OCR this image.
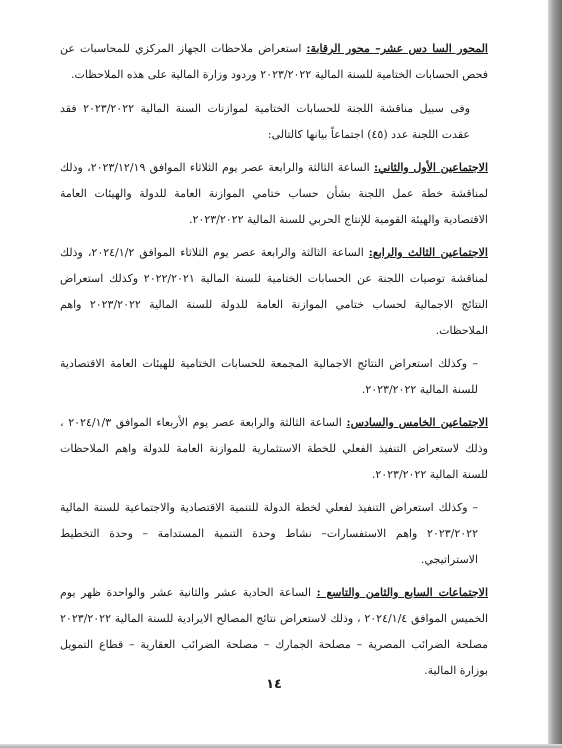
المحور السا دس عشر– محور الرقابة: استعراض ملاحظات الجهاز المركزي للمحاسبات عن فحص الحسابات الختامية للسنة المالية ٢٠٢٣/٢٠٢٢ وردود وزارة المالية على هذه الملاحظات.

وفى سبيل مناقشة اللجنة للحسابات الختامية لموازنات السنة المالية ٢٠٢٣/٢٠٢٢ فقد عقدت اللجنة عدد (٤٥) اجتماعاً بيانها كالتالى:

الاجتماعين الأول والثاني: الساعة الثالثة والرابعة عصر يوم الثلاثاء الموافق ٢٠٢٣/١٢/١٩، وذلك لمناقشة خطة عمل اللجنة بشأن حساب ختامي الموازنة العامة للدولة والهيئات العامة الاقتصادية والهيئة القومية للإنتاج الحربي للسنة المالية ٢٠٢٣/٢٠٢٢.

الاجتماعين الثالث والرابع: الساعة الثالثة والرابعة عصر يوم الثلاثاء الموافق ٢٠٢٤/١/٢، وذلك لمناقشة توصيات اللجنة عن الحسابات الختامية للسنة المالية ٢٠٢٢/٢٠٢١ وكذلك استعراض النتائج الاجمالية لحساب ختامي الموازنة العامة للدولة للسنة المالية ٢٠٢٣/٢٠٢٢ واهم الملاحظات.

– وكذلك استعراض النتائج الاجمالية المجمعة للحسابات الختامية للهيئات العامة الاقتصادية للسنة المالية ٢٠٢٣/٢٠٢٢.

الاجتماعين الخامس والسادس: الساعة الثالثة والرابعة عصر يوم الأربعاء الموافق ٢٠٢٤/١/٣ ، وذلك لاستعراض التنفيذ الفعلي للخطة الاستثمارية للموازنة العامة للدولة واهم الملاحظات للسنة المالية ٢٠٢٣/٢٠٢٢.

– وكذلك استعراض التنفيذ لفعلي لخطة الدولة للتنمية الاقتصادية والاجتماعية للسنة المالية ٢٠٢٣/٢٠٢٢ واهم الاستفسارات– نشاط وحدة التنمية المستدامة – وحدة التخطيط الاستراتيجي.

الاجتماعات السابع والثامن والتاسع : الساعة الحادية عشر والثانية عشر والواحدة ظهر يوم الخميس الموافق ٢٠٢٤/١/٤ ، وذلك لاستعراض نتائج المصالح الايرادية للسنة المالية ٢٠٢٣/٢٠٢٢ مصلحة الضرائب المصرية – مصلحة الجمارك – مصلحة الضرائب العقارية – قطاع التمويل بوزارة المالية.

١٤
